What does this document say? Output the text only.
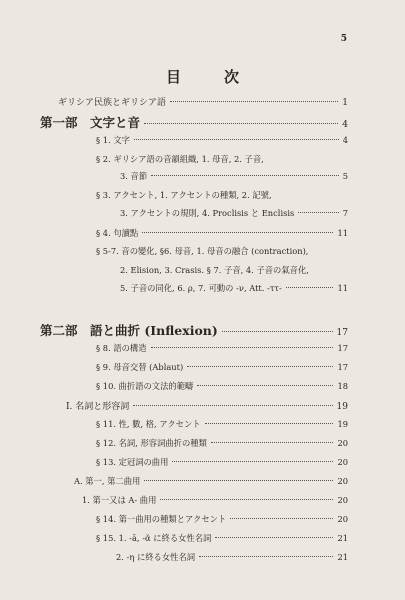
5
目　次
ギリシア民族とギリシア語	1
第一部　文字と音	4
§ 1. 文字	4
§ 2. ギリシア語の音韻組織, 1. 母音, 2. 子音,
3. 音節	5
§ 3. アクセント, 1. アクセントの種類, 2. 記號,
3. アクセントの規則, 4. Proclisis と Enclisis	7
§ 4. 句讀點	11
§ 5-7. 音の變化, §6. 母音, 1. 母音の融合 (contraction),
2. Elision, 3. Crasis. § 7. 子音, 4. 子音の氣音化,
5. 子音の同化, 6. ρ, 7. 可動の -ν, Att. -ττ-	11
第二部　語と曲折 (Inflexion)	17
§ 8. 語の構造	17
§ 9. 母音交替 (Ablaut)	17
§ 10. 曲折語の文法的範疇	18
I. 名詞と形容詞	19
§ 11. 性, 數, 格, アクセント	19
§ 12. 名詞, 形容詞曲折の種類	20
§ 13. 定冠詞の曲用	20
A. 第一, 第二曲用	20
1. 第一又は A- 曲用	20
§ 14. 第一曲用の種類とアクセント	20
§ 15. 1. -ā, -ᾰ に終る女性名詞	21
2. -η に終る女性名詞	21
